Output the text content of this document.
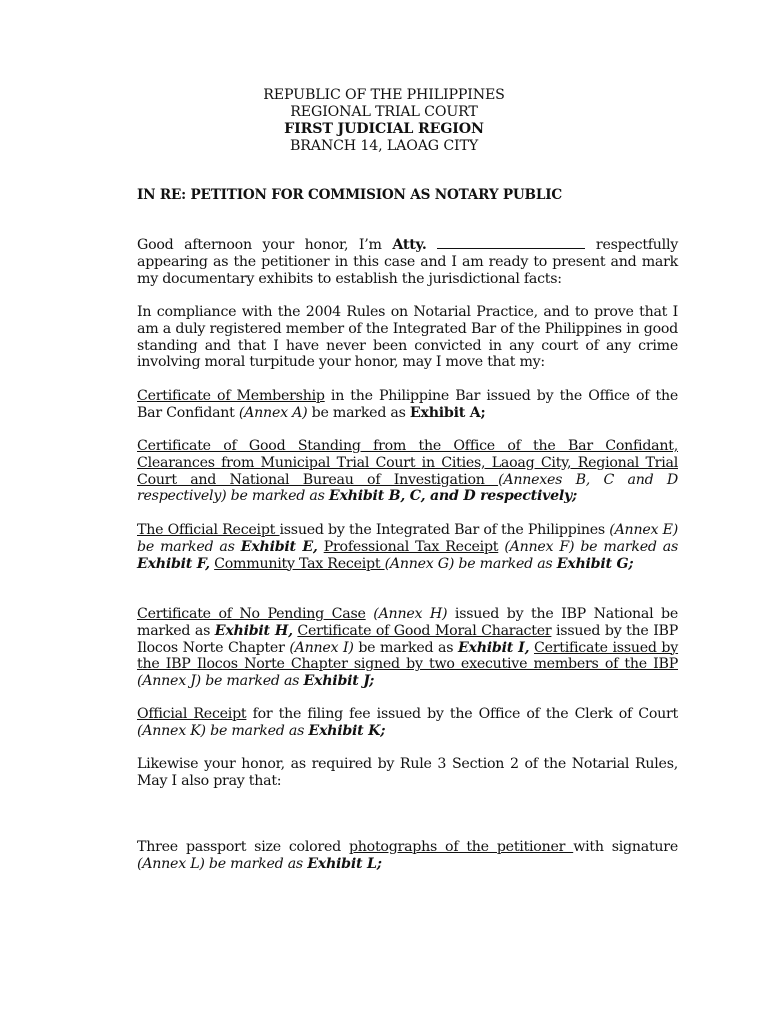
REPUBLIC OF THE PHILIPPINES
REGIONAL TRIAL COURT
FIRST JUDICIAL REGION
BRANCH 14, LAOAG CITY
IN RE: PETITION FOR COMMISION AS NOTARY PUBLIC
Good afternoon your honor, I’m Atty.	respectfully appearing as the petitioner in this case and I am ready to present and mark my documentary exhibits to establish the jurisdictional facts:
In compliance with the 2004 Rules on Notarial Practice, and to prove that I am a duly registered member of the Integrated Bar of the Philippines in good standing and that I have never been convicted in any court of any crime involving moral turpitude your honor, may I move that my:
Certificate of Membership in the Philippine Bar issued by the Office of the Bar Confidant (Annex A) be marked as Exhibit A;
Certificate of Good Standing from the Office of the Bar Confidant, Clearances from Municipal Trial Court in Cities, Laoag City, Regional Trial Court and National Bureau of Investigation (Annexes B, C and D respectively) be marked as Exhibit B, C, and D respectively;
The Official Receipt issued by the Integrated Bar of the Philippines (Annex E) be marked as Exhibit E, Professional Tax Receipt (Annex F) be marked as Exhibit F, Community Tax Receipt (Annex G) be marked as Exhibit G;
Certificate of No Pending Case (Annex H) issued by the IBP National be marked as Exhibit H, Certificate of Good Moral Character issued by the IBP Ilocos Norte Chapter (Annex I) be marked as Exhibit I, Certificate issued by the IBP Ilocos Norte Chapter signed by two executive members of the IBP (Annex J) be marked as Exhibit J;
Official Receipt for the filing fee issued by the Office of the Clerk of Court (Annex K) be marked as Exhibit K;
Likewise your honor, as required by Rule 3 Section 2 of the Notarial Rules, May I also pray that:
Three passport size colored photographs of the petitioner with signature (Annex L) be marked as Exhibit L;
